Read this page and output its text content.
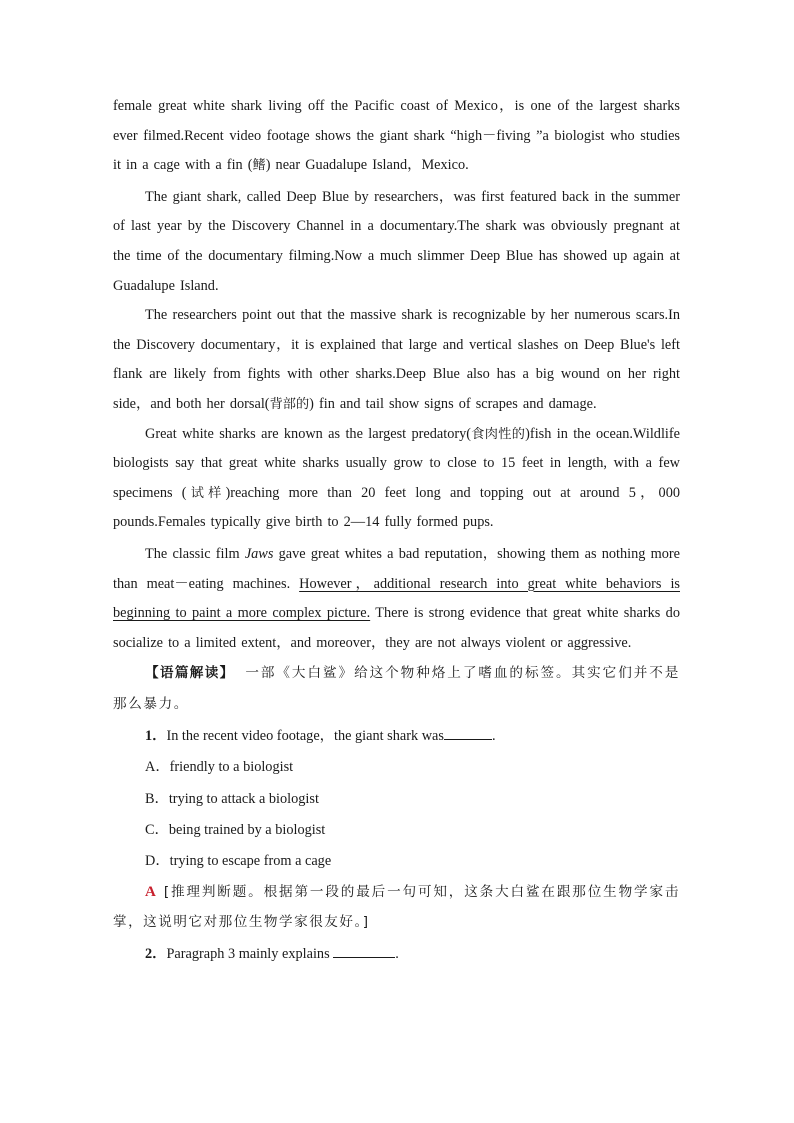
female great white shark living off the Pacific coast of Mexico，is one of the largest sharks ever filmed.Recent video footage shows the giant shark “high－fiving ”a biologist who studies it in a cage with a fin (鳍) near Guadalupe Island，Mexico.

The giant shark, called Deep Blue by researchers，was first featured back in the summer of last year by the Discovery Channel in a documentary.The shark was obviously pregnant at the time of the documentary filming.Now a much slimmer Deep Blue has showed up again at Guadalupe Island.

The researchers point out that the massive shark is recognizable by her numerous scars.In the Discovery documentary，it is explained that large and vertical slashes on Deep Blue's left flank are likely from fights with other sharks.Deep Blue also has a big wound on her right side，and both her dorsal(背部的) fin and tail show signs of scrapes and damage.

Great white sharks are known as the largest predatory(食肉性的)fish in the ocean.Wildlife biologists say that great white sharks usually grow to close to 15 feet in length, with a few specimens (试样)reaching more than 20 feet long and topping out at around 5，000 pounds.Females typically give birth to 2—14 fully formed pups.

The classic film Jaws gave great whites a bad reputation，showing them as nothing more than meat－eating machines. However，additional research into great white behaviors is beginning to paint a more complex picture. There is strong evidence that great white sharks do socialize to a limited extent，and moreover，they are not always violent or aggressive.

【语篇解读】 一部《大白鲨》给这个物种烙上了嗜血的标签。其实它们并不是那么暴力。

1．In the recent video footage，the giant shark was	.

A．friendly to a biologist

B．trying to attack a biologist

C．being trained by a biologist

D．trying to escape from a cage

A [推理判断题。根据第一段的最后一句可知，这条大白鲨在跟那位生物学家击掌，这说明它对那位生物学家很友好。]

2．Paragraph 3 mainly explains	.
